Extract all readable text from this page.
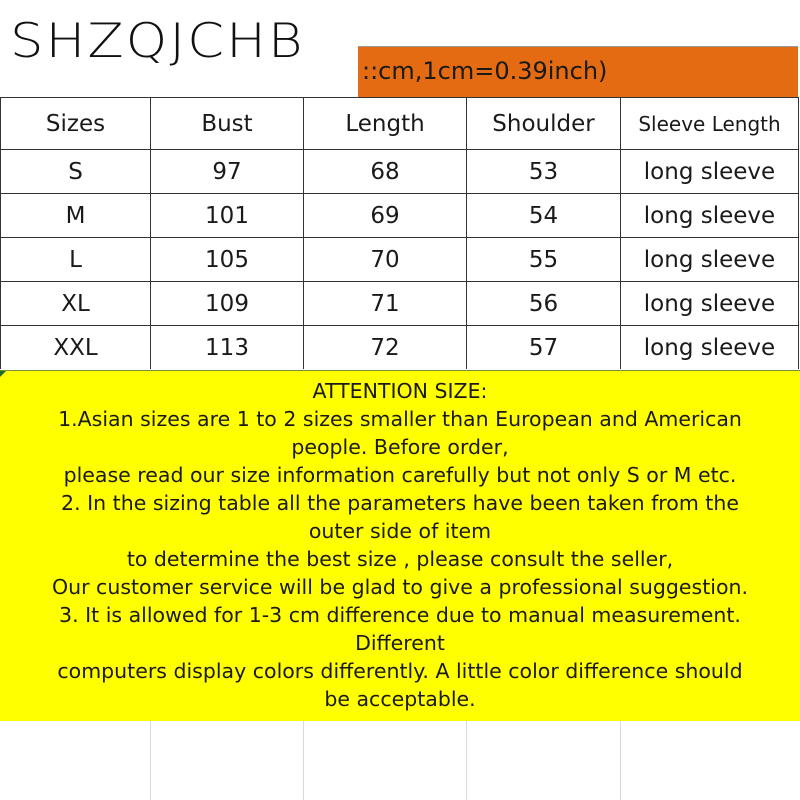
SHZQJCHB
::cm,1cm=0.39inch)
Sizes	Bust	Length	Shoulder	Sleeve Length
S	97	68	53	long sleeve
M	101	69	54	long sleeve
L	105	70	55	long sleeve
XL	109	71	56	long sleeve
XXL	113	72	57	long sleeve
ATTENTION SIZE:
1.Asian sizes are 1 to 2 sizes smaller than European and American
people. Before order,
please read our size information carefully but not only S or M etc.
2. In the sizing table all the parameters have been taken from the
outer side of item
to determine the best size , please consult the seller,
Our customer service will be glad to give a professional suggestion.
3. It is allowed for 1-3 cm difference due to manual measurement.
Different
computers display colors differently. A little color difference should
be acceptable.
